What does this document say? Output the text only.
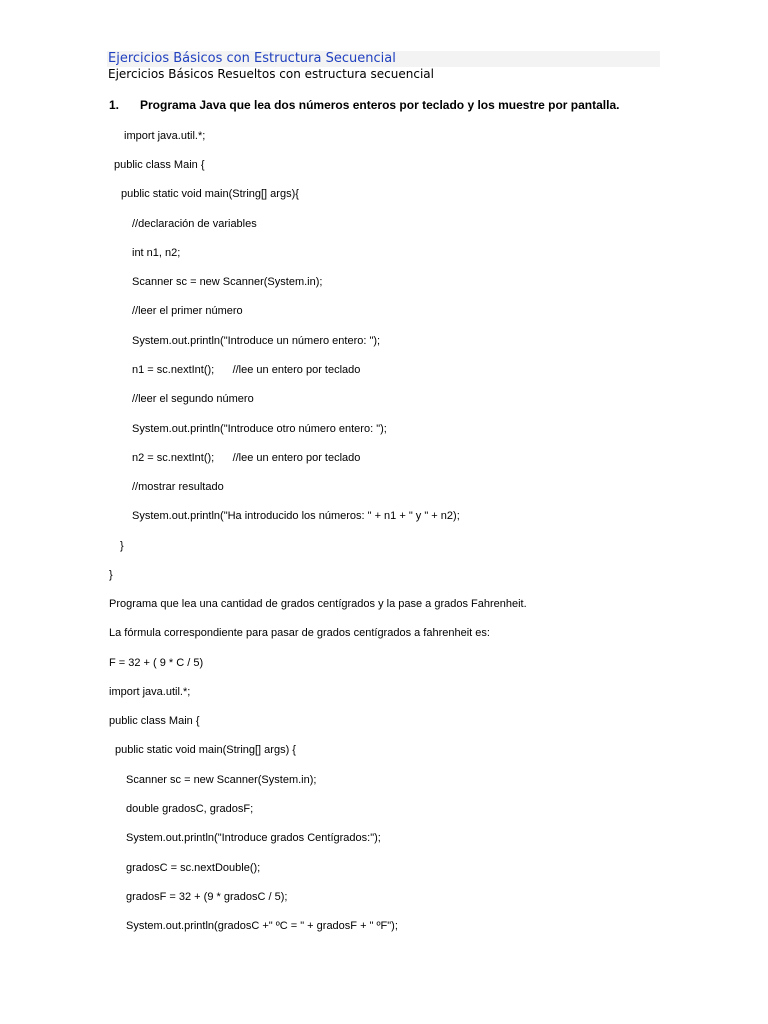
Ejercicios Básicos con Estructura Secuencial
Ejercicios Básicos Resueltos con estructura secuencial
1. Programa Java que lea dos números enteros por teclado y los muestre por pantalla.
import java.util.*;
public class Main {
public static void main(String[] args){
//declaración de variables
int n1, n2;
Scanner sc = new Scanner(System.in);
//leer el primer número
System.out.println("Introduce un número entero: ");
n1 = sc.nextInt();      //lee un entero por teclado
//leer el segundo número
System.out.println("Introduce otro número entero: ");
n2 = sc.nextInt();      //lee un entero por teclado
//mostrar resultado
System.out.println("Ha introducido los números: " + n1 + " y " + n2);
}
}
Programa que lea una cantidad de grados centígrados y la pase a grados Fahrenheit.
La fórmula correspondiente para pasar de grados centígrados a fahrenheit es:
F = 32 + ( 9 * C / 5)
import java.util.*;
public class Main {
public static void main(String[] args) {
Scanner sc = new Scanner(System.in);
double gradosC, gradosF;
System.out.println("Introduce grados Centígrados:");
gradosC = sc.nextDouble();
gradosF = 32 + (9 * gradosC / 5);
System.out.println(gradosC +" ºC = " + gradosF + " ºF");
